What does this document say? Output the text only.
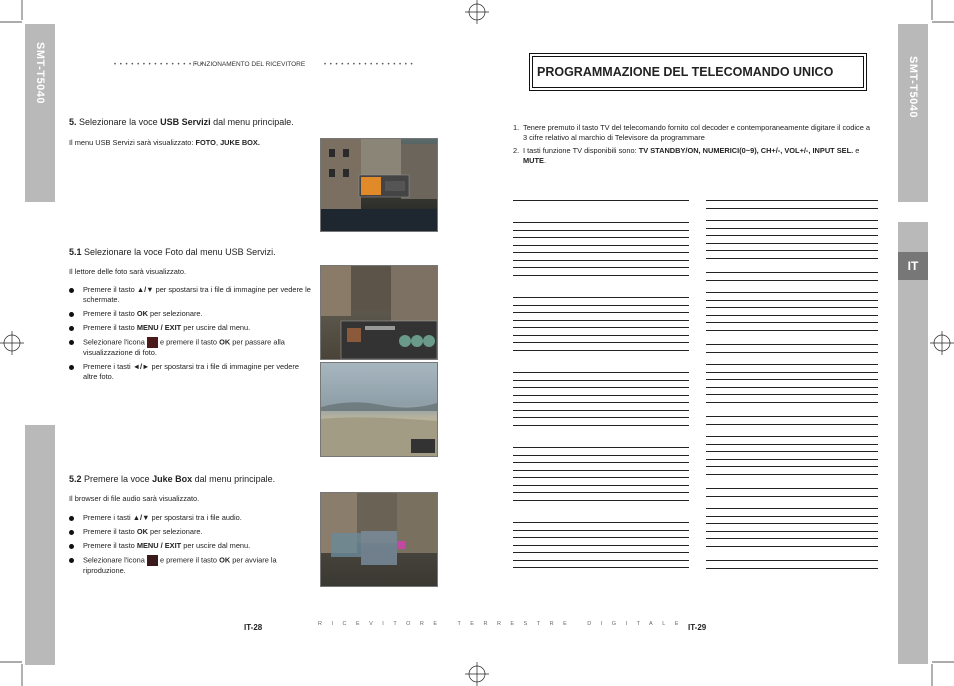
SMT-T5040	SMT-T5040
IT
• • • • • • • • • • • • • • • •
FUNZIONAMENTO DEL RICEVITORE	• • • • • • • • • • • • • • • •
5. Selezionare la voce USB Servizi dal menu principale.
Il menu USB Servizi sarà visualizzato: FOTO, JUKE BOX.
5.1 Selezionare la voce Foto dal menu USB Servizi.
Il lettore delle foto sarà visualizzato.
Premere il tasto ▲/▼ per spostarsi tra i file di immagine per vedere le schermate.
Premere il tasto OK per selezionare.
Premere il tasto MENU / EXIT per uscire dal menu.
Selezionare l'icona e premere il tasto OK per passare alla visualizzazione di foto.
Premere i tasti ◄/► per spostarsi tra i file di immagine per vedere altre foto.
5.2 Premere la voce Juke Box dal menu principale.
Il browser di file audio sarà visualizzato.
Premere i tasti ▲/▼ per spostarsi tra i file audio.
Premere il tasto OK per selezionare.
Premere il tasto MENU / EXIT per uscire dal menu.
Selezionare l'icona e premere il tasto OK per avviare la riproduzione.
IT-28	RICEVITORE TERRESTRE DIGITALE IT-29
PROGRAMMAZIONE DEL TELECOMANDO UNICO
1. Tenere premuto il tasto TV del telecomando fornito col decoder e contemporaneamente digitare il codice a 3 cifre relativo al marchio di Televisore da programmare
2. I tasti funzione TV disponibili sono: TV STANDBY/ON, NUMERICI(0~9), CH+/-, VOL+/-, INPUT SEL. e MUTE.
